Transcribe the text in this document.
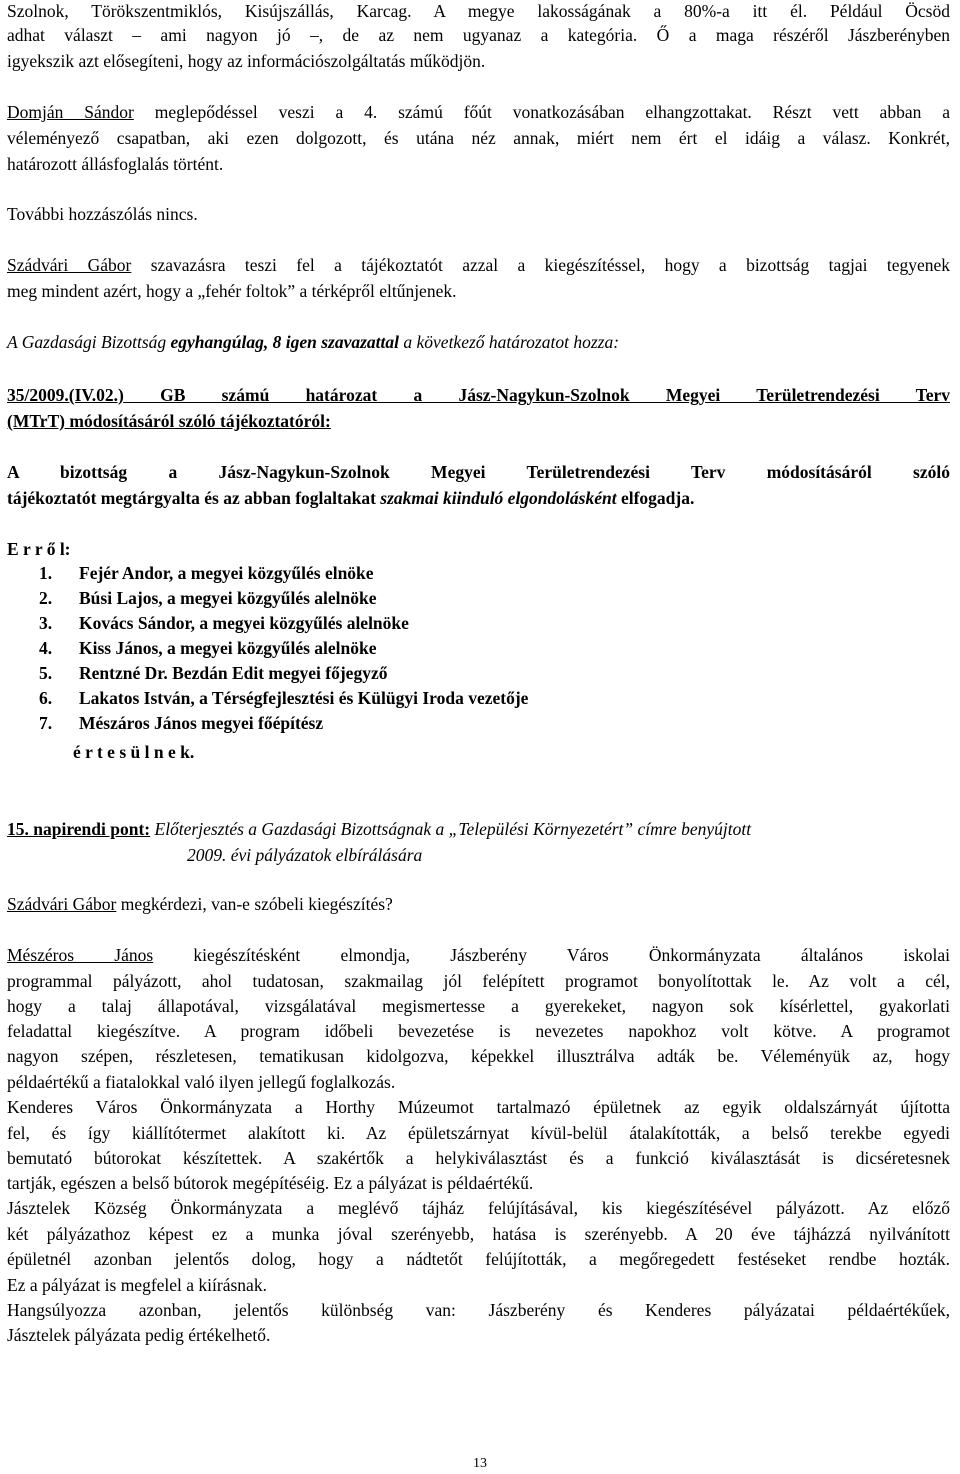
Szolnok, Törökszentmiklós, Kisújszállás, Karcag. A megye lakosságának a 80%-a itt él. Például Öcsöd
adhat választ – ami nagyon jó –, de az nem ugyanaz a kategória. Ő a maga részéről Jászberényben
igyekszik azt elősegíteni, hogy az információszolgáltatás működjön.
Domján Sándor meglepődéssel veszi a 4. számú főút vonatkozásában elhangzottakat. Részt vett abban a
véleményező csapatban, aki ezen dolgozott, és utána néz annak, miért nem ért el idáig a válasz. Konkrét,
határozott állásfoglalás történt.
További hozzászólás nincs.
Szádvári Gábor szavazásra teszi fel a tájékoztatót azzal a kiegészítéssel, hogy a bizottság tagjai tegyenek
meg mindent azért, hogy a „fehér foltok” a térképről eltűnjenek.
A Gazdasági Bizottság egyhangúlag, 8 igen szavazattal a következő határozatot hozza:
35/2009.(IV.02.) GB számú határozat a Jász-Nagykun-Szolnok Megyei Területrendezési Terv
(MTrT) módosításáról szóló tájékoztatóról:
A bizottság a Jász-Nagykun-Szolnok Megyei Területrendezési Terv módosításáról szóló
tájékoztatót megtárgyalta és az abban foglaltakat szakmai kiinduló elgondolásként elfogadja.
E r r ő l:
1. Fejér Andor, a megyei közgyűlés elnöke
2. Búsi Lajos, a megyei közgyűlés alelnöke
3. Kovács Sándor, a megyei közgyűlés alelnöke
4. Kiss János, a megyei közgyűlés alelnöke
5. Rentzné Dr. Bezdán Edit megyei főjegyző
6. Lakatos István, a Térségfejlesztési és Külügyi Iroda vezetője
7. Mészáros János megyei főépítész
é r t e s ü l n e k.
15. napirendi pont: Előterjesztés a Gazdasági Bizottságnak a „Települési Környezetért” címre benyújtott
2009. évi pályázatok elbírálására
Szádvári Gábor megkérdezi, van-e szóbeli kiegészítés?
Mészéros János kiegészítésként elmondja, Jászberény Város Önkormányzata általános iskolai
programmal pályázott, ahol tudatosan, szakmailag jól felépített programot bonyolítottak le. Az volt a cél,
hogy a talaj állapotával, vizsgálatával megismertesse a gyerekeket, nagyon sok kísérlettel, gyakorlati
feladattal kiegészítve. A program időbeli bevezetése is nevezetes napokhoz volt kötve. A programot
nagyon szépen, részletesen, tematikusan kidolgozva, képekkel illusztrálva adták be. Véleményük az, hogy
példaértékű a fiatalokkal való ilyen jellegű foglalkozás.
Kenderes Város Önkormányzata a Horthy Múzeumot tartalmazó épületnek az egyik oldalszárnyát újította
fel, és így kiállítótermet alakított ki. Az épületszárnyat kívül-belül átalakították, a belső terekbe egyedi
bemutató bútorokat készítettek. A szakértők a helykiválasztást és a funkció kiválasztását is dicséretesnek
tartják, egészen a belső bútorok megépítéséig. Ez a pályázat is példaértékű.
Jásztelek Község Önkormányzata a meglévő tájház felújításával, kis kiegészítésével pályázott. Az előző
két pályázathoz képest ez a munka jóval szerényebb, hatása is szerényebb. A 20 éve tájházzá nyilvánított
épületnél azonban jelentős dolog, hogy a nádtetőt felújították, a megőregedett festéseket rendbe hozták.
Ez a pályázat is megfelel a kiírásnak.
Hangsúlyozza azonban, jelentős különbség van: Jászberény és Kenderes pályázatai példaértékűek,
Jásztelek pályázata pedig értékelhető.
13
